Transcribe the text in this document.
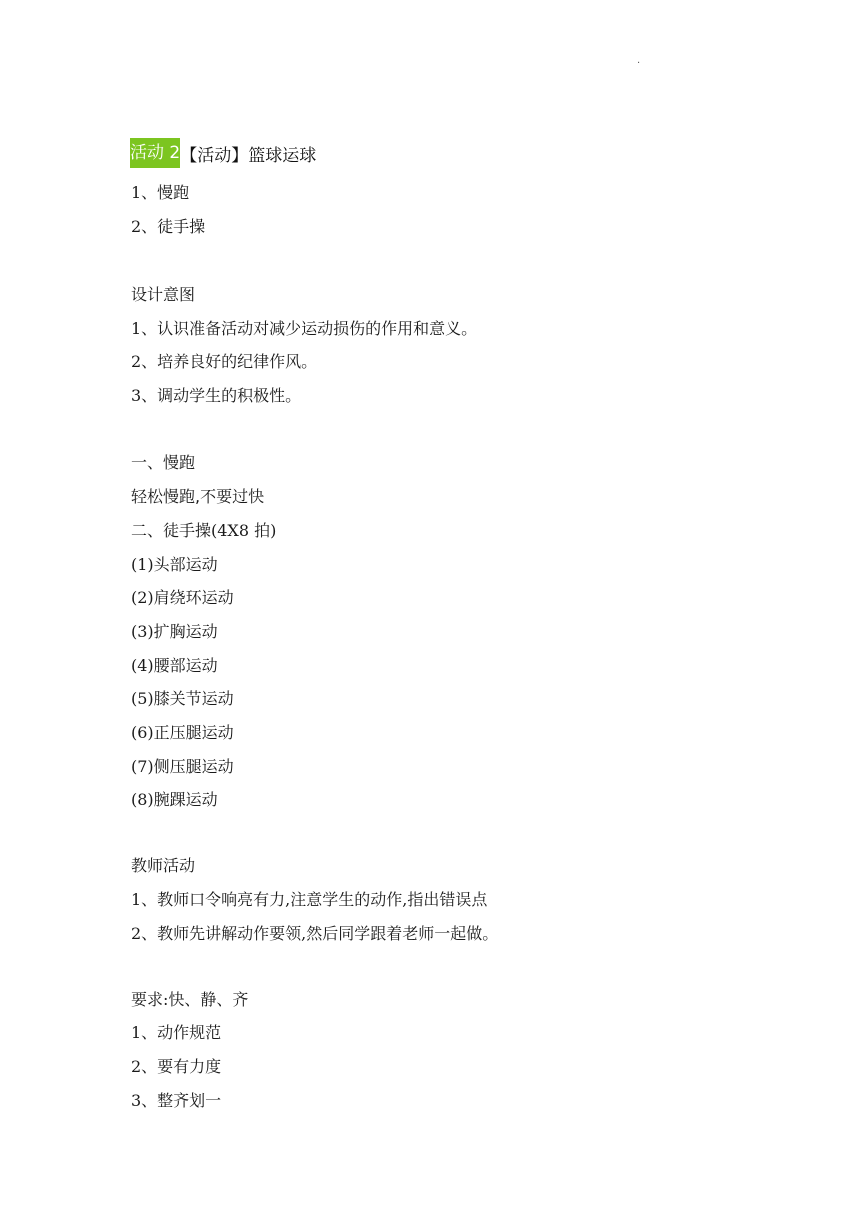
·
活动 2 【活动】篮球运球
1、慢跑
2、徒手操
设计意图
1、认识准备活动对减少运动损伤的作用和意义。
2、培养良好的纪律作风。
3、调动学生的积极性。
一、慢跑
轻松慢跑,不要过快
二、徒手操(4X8 拍)
(1)头部运动
(2)肩绕环运动
(3)扩胸运动
(4)腰部运动
(5)膝关节运动
(6)正压腿运动
(7)侧压腿运动
(8)腕踝运动
教师活动
1、教师口令响亮有力,注意学生的动作,指出错误点
2、教师先讲解动作要领,然后同学跟着老师一起做。
要求:快、静、齐
1、动作规范
2、要有力度
3、整齐划一
